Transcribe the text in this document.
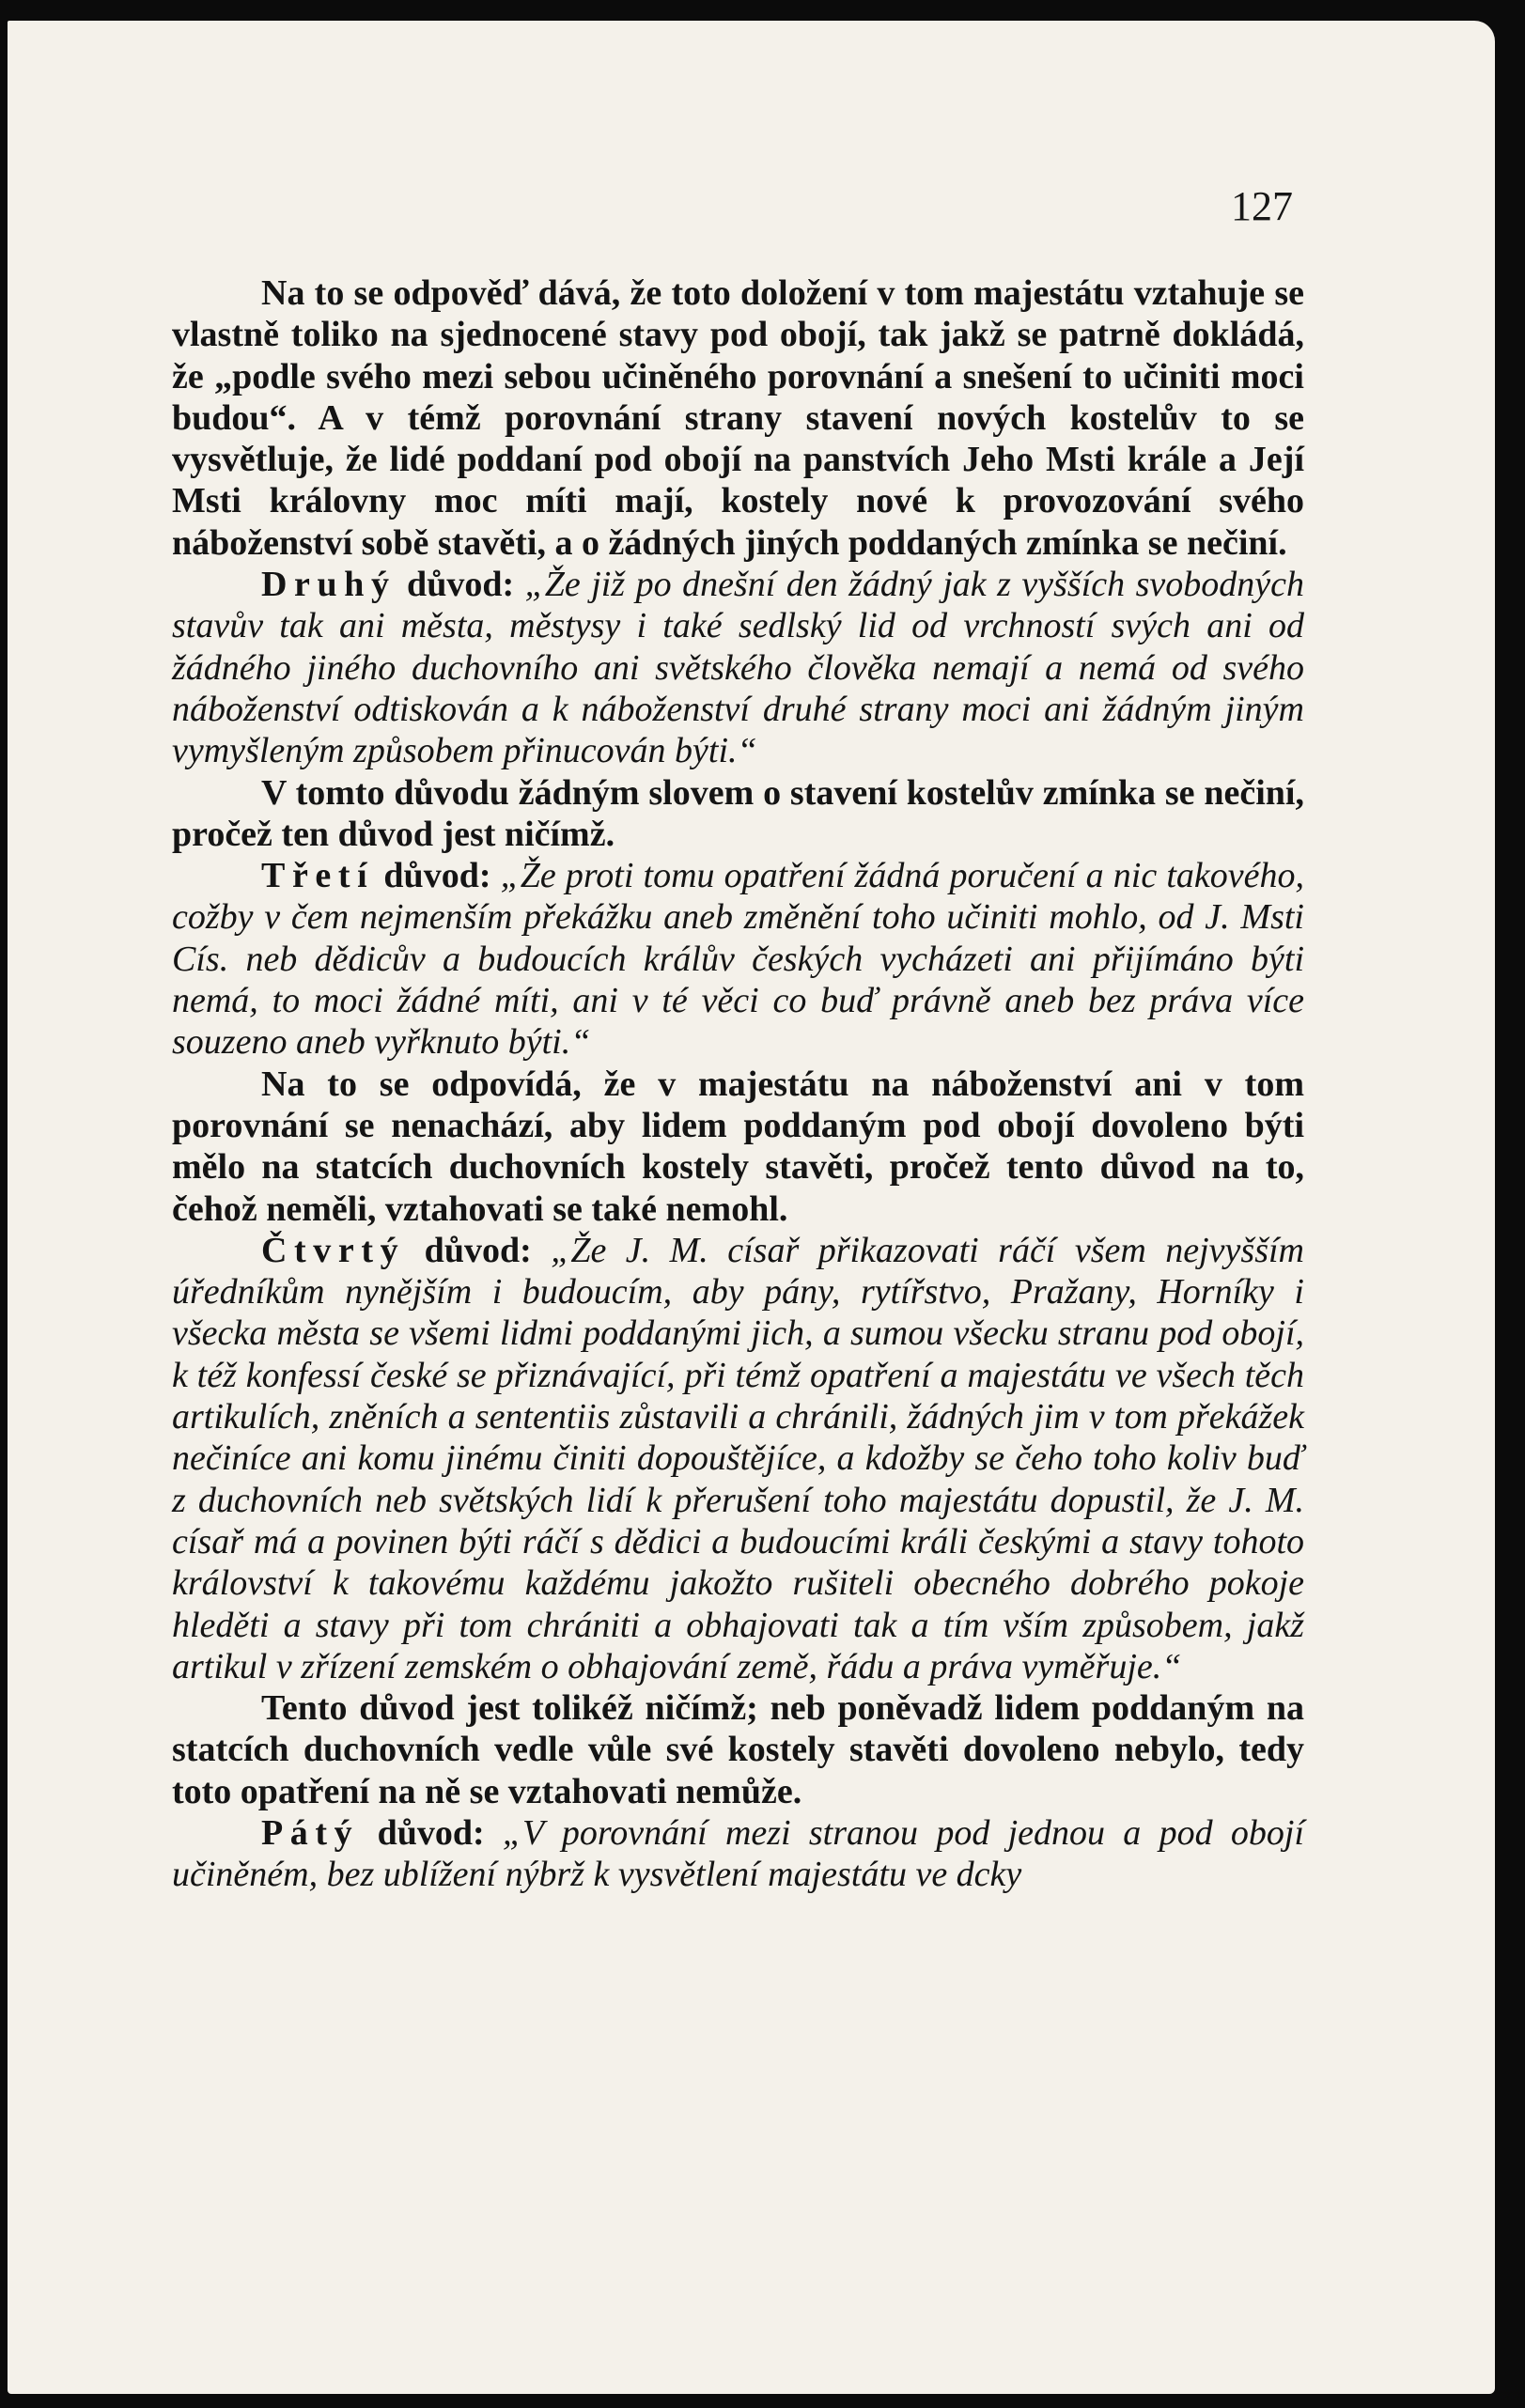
127

Na to se odpověď dává, že toto doložení v tom majestátu vztahuje se vlastně toliko na sjednocené stavy pod obojí, tak jakž se patrně dokládá, že „podle svého mezi sebou učiněného porovnání a snešení to učiniti moci budou“. A v témž porovnání strany stavení nových kostelův to se vysvětluje, že lidé poddaní pod obojí na panstvích Jeho Msti krále a Její Msti královny moc míti mají, kostely nové k provozování svého náboženství sobě stavěti, a o žádných jiných poddaných zmínka se nečiní.

Druhý důvod: „Že již po dnešní den žádný jak z vyšších svobodných stavův tak ani města, městysy i také sedlský lid od vrchností svých ani od žádného jiného duchovního ani světského člověka nemají a nemá od svého náboženství odtiskován a k náboženství druhé strany moci ani žádným jiným vymyšleným způsobem přinucován býti.“

V tomto důvodu žádným slovem o stavení kostelův zmínka se nečiní, pročež ten důvod jest ničímž.

Třetí důvod: „Že proti tomu opatření žádná poručení a nic takového, cožby v čem nejmenším překážku aneb změnění toho učiniti mohlo, od J. Msti Cís. neb dědicův a budoucích králův českých vycházeti ani přijímáno býti nemá, to moci žádné míti, ani v té věci co buď právně aneb bez práva více souzeno aneb vyřknuto býti.“

Na to se odpovídá, že v majestátu na náboženství ani v tom porovnání se nenachází, aby lidem poddaným pod obojí dovoleno býti mělo na statcích duchovních kostely stavěti, pročež tento důvod na to, čehož neměli, vztahovati se také nemohl.

Čtvrtý důvod: „Že J. M. císař přikazovati ráčí všem nejvyšším úředníkům nynějším i budoucím, aby pány, rytířstvo, Pražany, Horníky i všecka města se všemi lidmi poddanými jich, a sumou všecku stranu pod obojí, k též konfessí české se přiznávající, při témž opatření a majestátu ve všech těch artikulích, zněních a sententiis zůstavili a chránili, žádných jim v tom překážek nečiníce ani komu jinému činiti dopouštějíce, a kdožby se čeho toho koliv buď z duchovních neb světských lidí k přerušení toho majestátu dopustil, že J. M. císař má a povinen býti ráčí s dědici a budoucími králi českými a stavy tohoto království k takovému každému jakožto rušiteli obecného dobrého pokoje hleděti a stavy při tom chrániti a obhajovati tak a tím vším způsobem, jakž artikul v zřízení zemském o obhajování země, řádu a práva vyměřuje.“

Tento důvod jest tolikéž ničímž; neb poněvadž lidem poddaným na statcích duchovních vedle vůle své kostely stavěti dovoleno nebylo, tedy toto opatření na ně se vztahovati nemůže.

Pátý důvod: „V porovnání mezi stranou pod jednou a pod obojí učiněném, bez ublížení nýbrž k vysvětlení majestátu ve dcky
